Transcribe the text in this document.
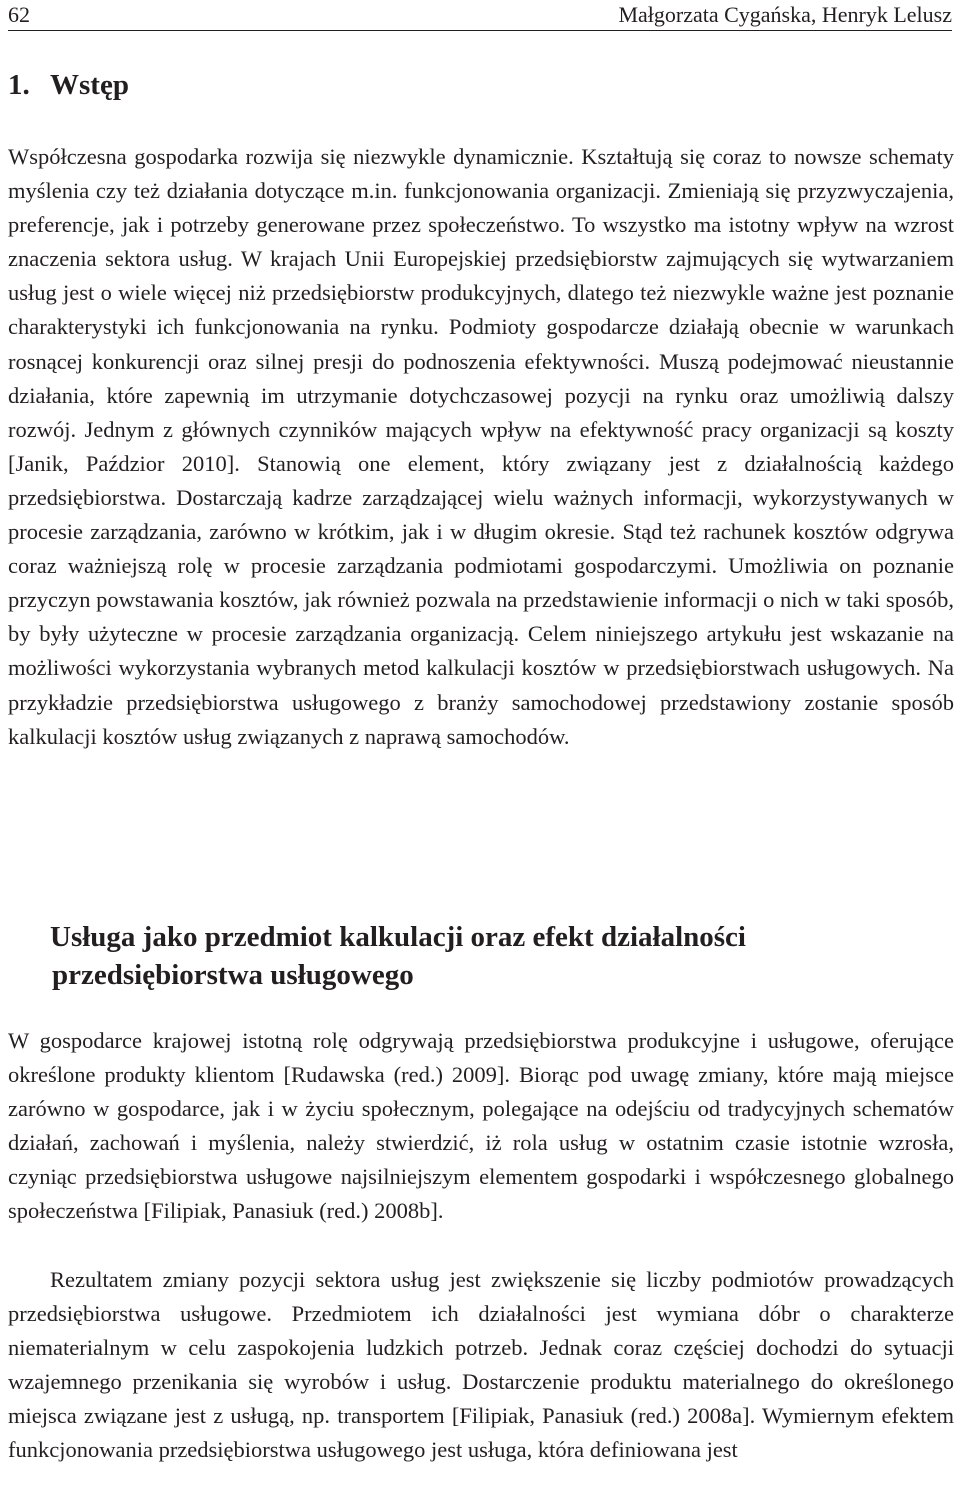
62	Małgorzata Cygańska, Henryk Lelusz
1. Wstęp

Współczesna gospodarka rozwija się niezwykle dynamicznie. Kształtują się coraz to nowsze schematy myślenia czy też działania dotyczące m.in. funkcjonowania organizacji. Zmieniają się przyzwyczajenia, preferencje, jak i potrzeby generowane przez społeczeństwo. To wszystko ma istotny wpływ na wzrost znaczenia sektora usług. W krajach Unii Europejskiej przedsiębiorstw zajmujących się wytwarzaniem usług jest o wiele więcej niż przedsiębiorstw produkcyjnych, dlatego też niezwykle ważne jest poznanie charakterystyki ich funkcjonowania na rynku. Podmioty gospodarcze działają obecnie w warunkach rosnącej konkurencji oraz silnej presji do podnoszenia efektywności. Muszą podejmować nieustannie działania, które zapewnią im utrzymanie dotychczasowej pozycji na rynku oraz umożliwią dalszy rozwój. Jednym z głównych czynników mających wpływ na efektywność pracy organizacji są koszty [Janik, Paździor 2010]. Stanowią one element, który związany jest z działalnością każdego przedsiębiorstwa. Dostarczają kadrze zarządzającej wielu ważnych informacji, wykorzystywanych w procesie zarządzania, zarówno w krótkim, jak i w długim okresie. Stąd też rachunek kosztów odgrywa coraz ważniejszą rolę w procesie zarządzania podmiotami gospodarczymi. Umożliwia on poznanie przyczyn powstawania kosztów, jak również pozwala na przedstawienie informacji o nich w taki sposób, by były użyteczne w procesie zarządzania organizacją. Celem niniejszego artykułu jest wskazanie na możliwości wykorzystania wybranych metod kalkulacji kosztów w przedsiębiorstwach usługowych. Na przykładzie przedsiębiorstwa usługowego z branży samochodowej przedstawiony zostanie sposób kalkulacji kosztów usług związanych z naprawą samochodów.

Usługa jako przedmiot kalkulacji oraz efekt działalności przedsiębiorstwa usługowego

W gospodarce krajowej istotną rolę odgrywają przedsiębiorstwa produkcyjne i usługowe, oferujące określone produkty klientom [Rudawska (red.) 2009]. Biorąc pod uwagę zmiany, które mają miejsce zarówno w gospodarce, jak i w życiu społecznym, polegające na odejściu od tradycyjnych schematów działań, zachowań i myślenia, należy stwierdzić, iż rola usług w ostatnim czasie istotnie wzrosła, czyniąc przedsiębiorstwa usługowe najsilniejszym elementem gospodarki i współczesnego globalnego społeczeństwa [Filipiak, Panasiuk (red.) 2008b].

Rezultatem zmiany pozycji sektora usług jest zwiększenie się liczby podmiotów prowadzących przedsiębiorstwa usługowe. Przedmiotem ich działalności jest wymiana dóbr o charakterze niematerialnym w celu zaspokojenia ludzkich potrzeb. Jednak coraz częściej dochodzi do sytuacji wzajemnego przenikania się wyrobów i usług. Dostarczenie produktu materialnego do określonego miejsca związane jest z usługą, np. transportem [Filipiak, Panasiuk (red.) 2008a]. Wymiernym efektem funkcjonowania przedsiębiorstwa usługowego jest usługa, która definiowana jest
